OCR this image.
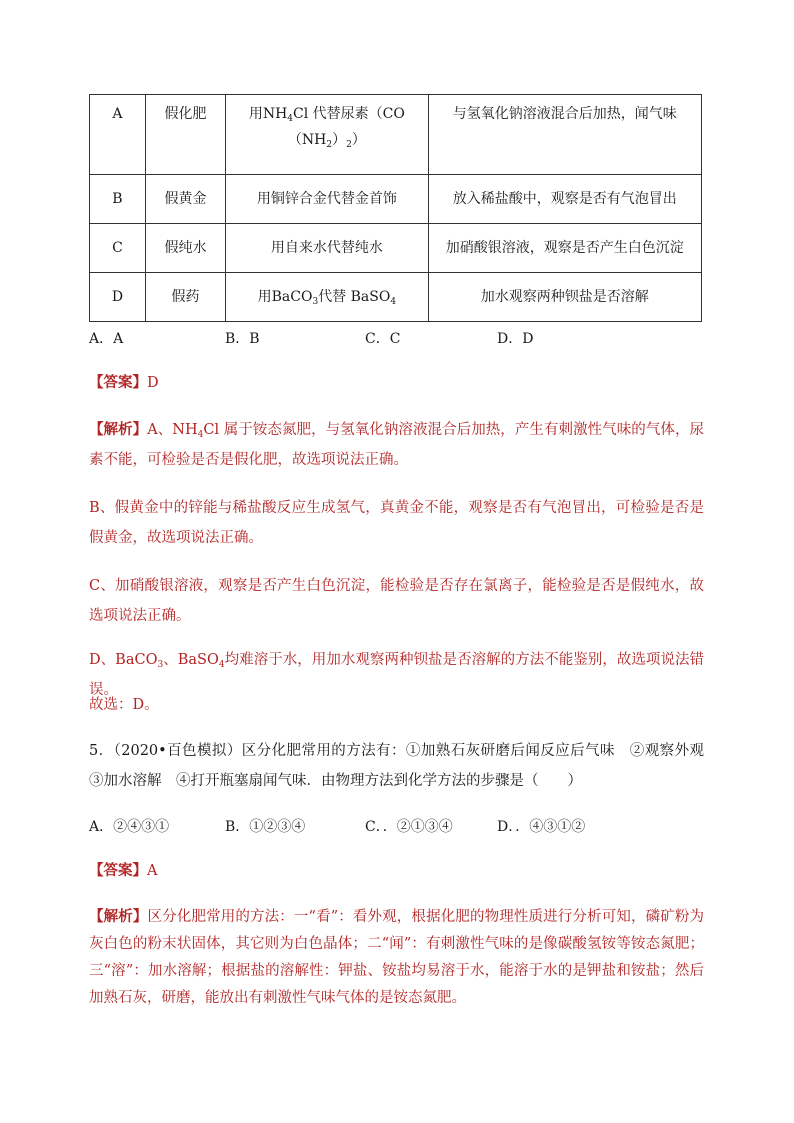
A	假化肥	用$NH_4Cl$ 代替尿素$(CO(NH_2)_2)$	与氢氧化钠溶液混合后加热，闻气味
B	假黄金	用铜锌合金代替金首饰	放入稀盐酸中，观察是否有气泡冒出
C	假纯水	用自来水代替纯水	加硝酸银溶液，观察是否产生白色沉淀
D	假药	用BaCO$_3$代替 BaSO$_4$	加水观察两种钡盐是否溶解
A．A	B．B	C．C	D．D
【答案】D
【解析】A、$NH_4Cl$ 属于铵态氮肥，与氢氧化钠溶液混合后加热，产生有刺激性气味的气体，尿素不能，可检验是否是假化肥，故选项说法正确。
B、假黄金中的锌能与稀盐酸反应生成氢气，真黄金不能，观察是否有气泡冒出，可检验是否是假黄金，故选项说法正确。
C、加硝酸银溶液，观察是否产生白色沉淀，能检验是否存在氯离子，能检验是否是假纯水，故选项说法正确。
D、BaCO$_3$、BaSO$_4$均难溶于水，用加水观察两种钡盐是否溶解的方法不能鉴别，故选项说法错误。
故选：D。
5．（2020•百色模拟）区分化肥常用的方法有：①加熟石灰研磨后闻反应后气味　②观察外观　③加水溶解　④打开瓶塞扇闻气味．由物理方法到化学方法的步骤是（　　）
A．②④③①	B．①②③④	C．．②①③④	D．．④③①②
【答案】A
【解析】区分化肥常用的方法：一“看”：看外观，根据化肥的物理性质进行分析可知，磷矿粉为灰白色的粉末状固体，其它则为白色晶体；二“闻”：有刺激性气味的是像碳酸氢铵等铵态氮肥；三“溶”：加水溶解；根据盐的溶解性：钾盐、铵盐均易溶于水，能溶于水的是钾盐和铵盐；然后加熟石灰，研磨，能放出有刺激性气味气体的是铵态氮肥。
